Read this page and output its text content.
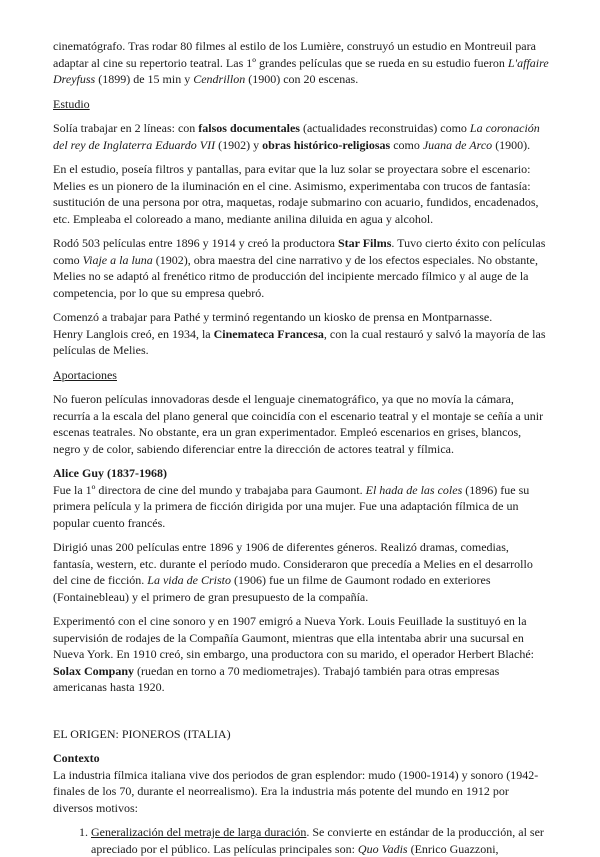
cinematógrafo. Tras rodar 80 filmes al estilo de los Lumière, construyó un estudio en Montreuil para adaptar al cine su repertorio teatral. Las 1º grandes películas que se rueda en su estudio fueron L'affaire Dreyfuss (1899) de 15 min y Cendrillon (1900) con 20 escenas.

Estudio

Solía trabajar en 2 líneas: con falsos documentales (actualidades reconstruidas) como La coronación del rey de Inglaterra Eduardo VII (1902) y obras histórico-religiosas como Juana de Arco (1900).

En el estudio, poseía filtros y pantallas, para evitar que la luz solar se proyectara sobre el escenario: Melies es un pionero de la iluminación en el cine. Asimismo, experimentaba con trucos de fantasía: sustitución de una persona por otra, maquetas, rodaje submarino con acuario, fundidos, encadenados, etc. Empleaba el coloreado a mano, mediante anilina diluida en agua y alcohol.

Rodó 503 películas entre 1896 y 1914 y creó la productora Star Films. Tuvo cierto éxito con películas como Viaje a la luna (1902), obra maestra del cine narrativo y de los efectos especiales. No obstante, Melies no se adaptó al frenético ritmo de producción del incipiente mercado fílmico y al auge de la competencia, por lo que su empresa quebró.

Comenzó a trabajar para Pathé y terminó regentando un kiosko de prensa en Montparnasse.
Henry Langlois creó, en 1934, la Cinemateca Francesa, con la cual restauró y salvó la mayoría de las películas de Melies.

Aportaciones

No fueron películas innovadoras desde el lenguaje cinematográfico, ya que no movía la cámara, recurría a la escala del plano general que coincidía con el escenario teatral y el montaje se ceñía a unir escenas teatrales. No obstante, era un gran experimentador. Empleó escenarios en grises, blancos, negro y de color, sabiendo diferenciar entre la dirección de actores teatral y fílmica.

Alice Guy (1837-1968)

Fue la 1º directora de cine del mundo y trabajaba para Gaumont. El hada de las coles (1896) fue su primera película y la primera de ficción dirigida por una mujer. Fue una adaptación fílmica de un popular cuento francés.

Dirigió unas 200 películas entre 1896 y 1906 de diferentes géneros. Realizó dramas, comedias, fantasía, western, etc. durante el período mudo. Consideraron que precedía a Melies en el desarrollo del cine de ficción. La vida de Cristo (1906) fue un filme de Gaumont rodado en exteriores (Fontainebleau) y el primero de gran presupuesto de la compañía.

Experimentó con el cine sonoro y en 1907 emigró a Nueva York. Louis Feuillade la sustituyó en la supervisión de rodajes de la Compañía Gaumont, mientras que ella intentaba abrir una sucursal en Nueva York. En 1910 creó, sin embargo, una productora con su marido, el operador Herbert Blaché: Solax Company (ruedan en torno a 70 mediometrajes). Trabajó también para otras empresas americanas hasta 1920.

EL ORIGEN: PIONEROS (ITALIA)
Contexto

La industria fílmica italiana vive dos periodos de gran esplendor: mudo (1900-1914) y sonoro (1942-finales de los 70, durante el neorrealismo). Era la industria más potente del mundo en 1912 por diversos motivos:

1. Generalización del metraje de larga duración. Se convierte en estándar de la producción, al ser apreciado por el público. Las películas principales son: Quo Vadis (Enrico Guazzoni,
